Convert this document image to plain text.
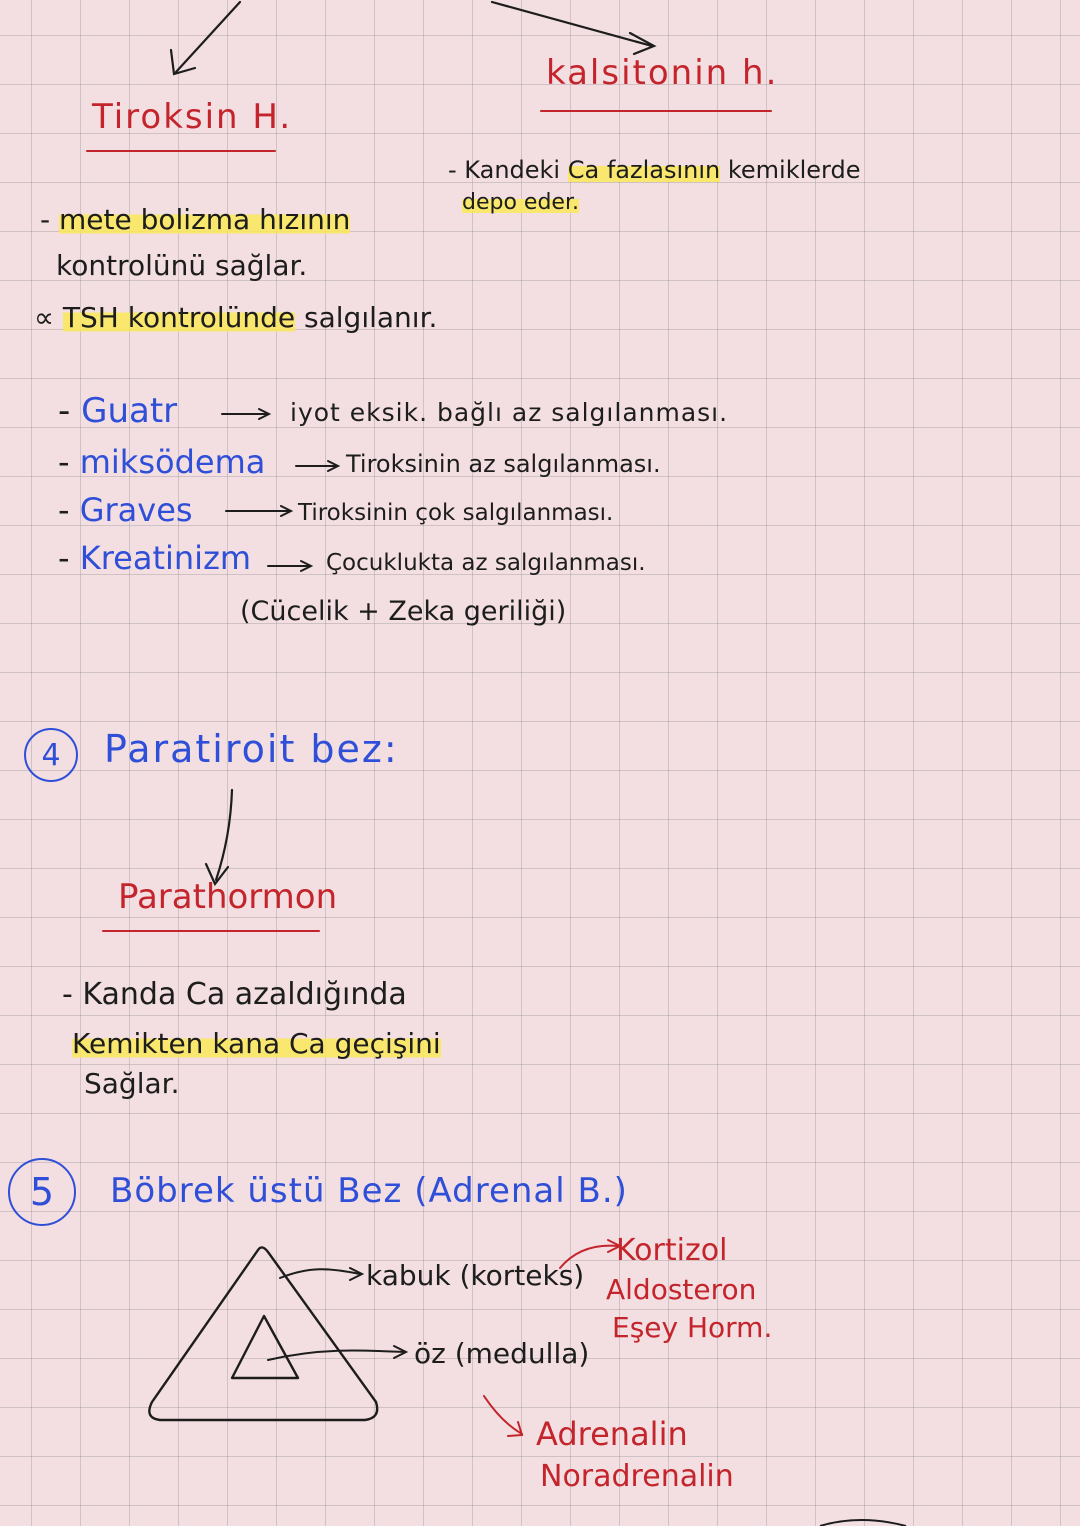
Tiroksin H.
- mete bolizma hızının
kontrolünü sağlar.
∝ TSH kontrolünde salgılanır.
kalsitonin h.
- Kandeki Ca fazlasının kemiklerde
depo eder.
- Guatr	iyot eksik. bağlı az salgılanması.
- miksödema	Tiroksinin az salgılanması.
- Graves	Tiroksinin çok salgılanması.
- Kreatinizm	Çocuklukta az salgılanması.
(Cücelik + Zeka geriliği)
4	Paratiroit bez:
Parathormon
- Kanda Ca azaldığında
Kemikten kana Ca geçişini
Sağlar.
5	Böbrek üstü Bez (Adrenal B.)
kabuk (korteks)
Kortizol
Aldosteron
Eşey Horm.
öz (medulla)
Adrenalin
Noradrenalin
